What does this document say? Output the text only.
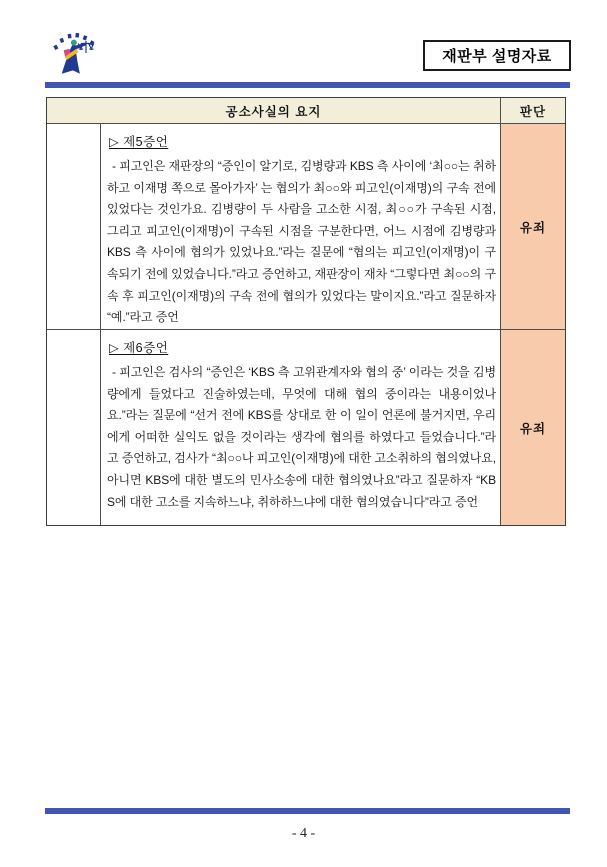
재판부 설명자료
공소사실의 요지	판단
▷ 제5증언
- 피고인은 재판장의 “증인이 알기로, 김병량과 KBS 측 사이에 ‘최○○는 취하하고 이재명 쪽으로 몰아가자’ 는 협의가 최○○와 피고인(이재명)의 구속 전에 있었다는 것인가요. 김병량이 두 사람을 고소한 시점, 최○○가 구속된 시점, 그리고 피고인(이재명)이 구속된 시점을 구분한다면, 어느 시점에 김병량과 KBS 측 사이에 협의가 있었나요.”라는 질문에 “협의는 피고인(이재명)이 구속되기 전에 있었습니다.”라고 증언하고, 재판장이 재차 “그렇다면 최○○의 구속 후 피고인(이재명)의 구속 전에 협의가 있었다는 말이지요.”라고 질문하자 “예.”라고 증언
유죄
▷ 제6증언
- 피고인은 검사의 “증인은 ‘KBS 측 고위관계자와 협의 중’ 이라는 것을 김병량에게 들었다고 진술하였는데, 무엇에 대해 협의 중이라는 내용이었나요.”라는 질문에 “선거 전에 KBS를 상대로 한 이 일이 언론에 불거지면, 우리에게 어떠한 실익도 없을 것이라는 생각에 협의를 하였다고 들었습니다.”라고 증언하고, 검사가 “최○○나 피고인(이재명)에 대한 고소취하의 협의였나요, 아니면 KBS에 대한 별도의 민사소송에 대한 협의였나요”라고 질문하자 “KBS에 대한 고소를 지속하느냐, 취하하느냐에 대한 협의였습니다”라고 증언
유죄
- 4 -
